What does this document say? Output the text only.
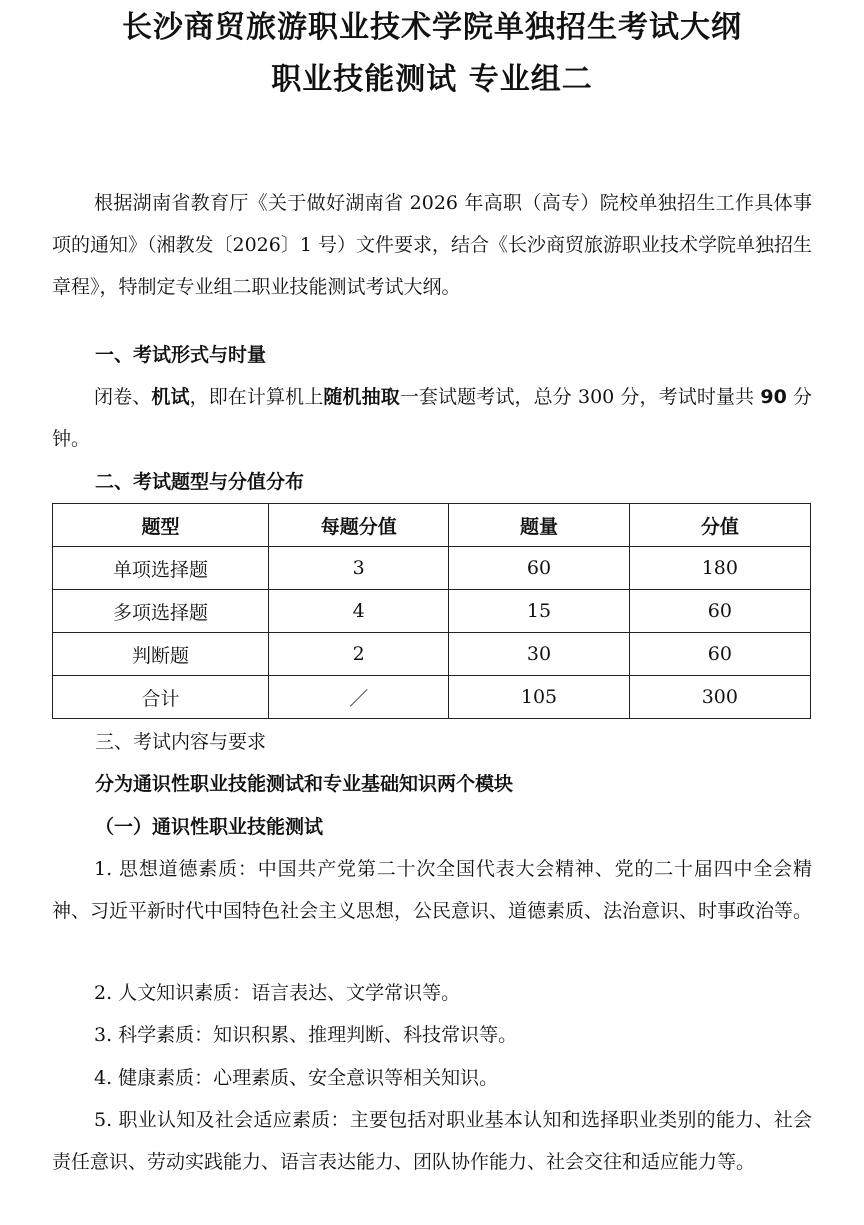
长沙商贸旅游职业技术学院单独招生考试大纲
职业技能测试 专业组二
根据湖南省教育厅《关于做好湖南省 2026 年高职（高专）院校单独招生工作具体事项的通知》（湘教发〔2026〕1 号）文件要求，结合《长沙商贸旅游职业技术学院单独招生章程》，特制定专业组二职业技能测试考试大纲。
一、考试形式与时量
闭卷、机试，即在计算机上随机抽取一套试题考试，总分 300 分，考试时量共 90 分钟。
二、考试题型与分值分布
题型	每题分值	题量	分值
单项选择题	3	60	180
多项选择题	4	15	60
判断题	2	30	60
合计	／	105	300
三、考试内容与要求
分为通识性职业技能测试和专业基础知识两个模块
（一）通识性职业技能测试
1. 思想道德素质：中国共产党第二十次全国代表大会精神、党的二十届四中全会精神、习近平新时代中国特色社会主义思想，公民意识、道德素质、法治意识、时事政治等。
2. 人文知识素质：语言表达、文学常识等。
3. 科学素质：知识积累、推理判断、科技常识等。
4. 健康素质：心理素质、安全意识等相关知识。
5. 职业认知及社会适应素质：主要包括对职业基本认知和选择职业类别的能力、社会责任意识、劳动实践能力、语言表达能力、团队协作能力、社会交往和适应能力等。
